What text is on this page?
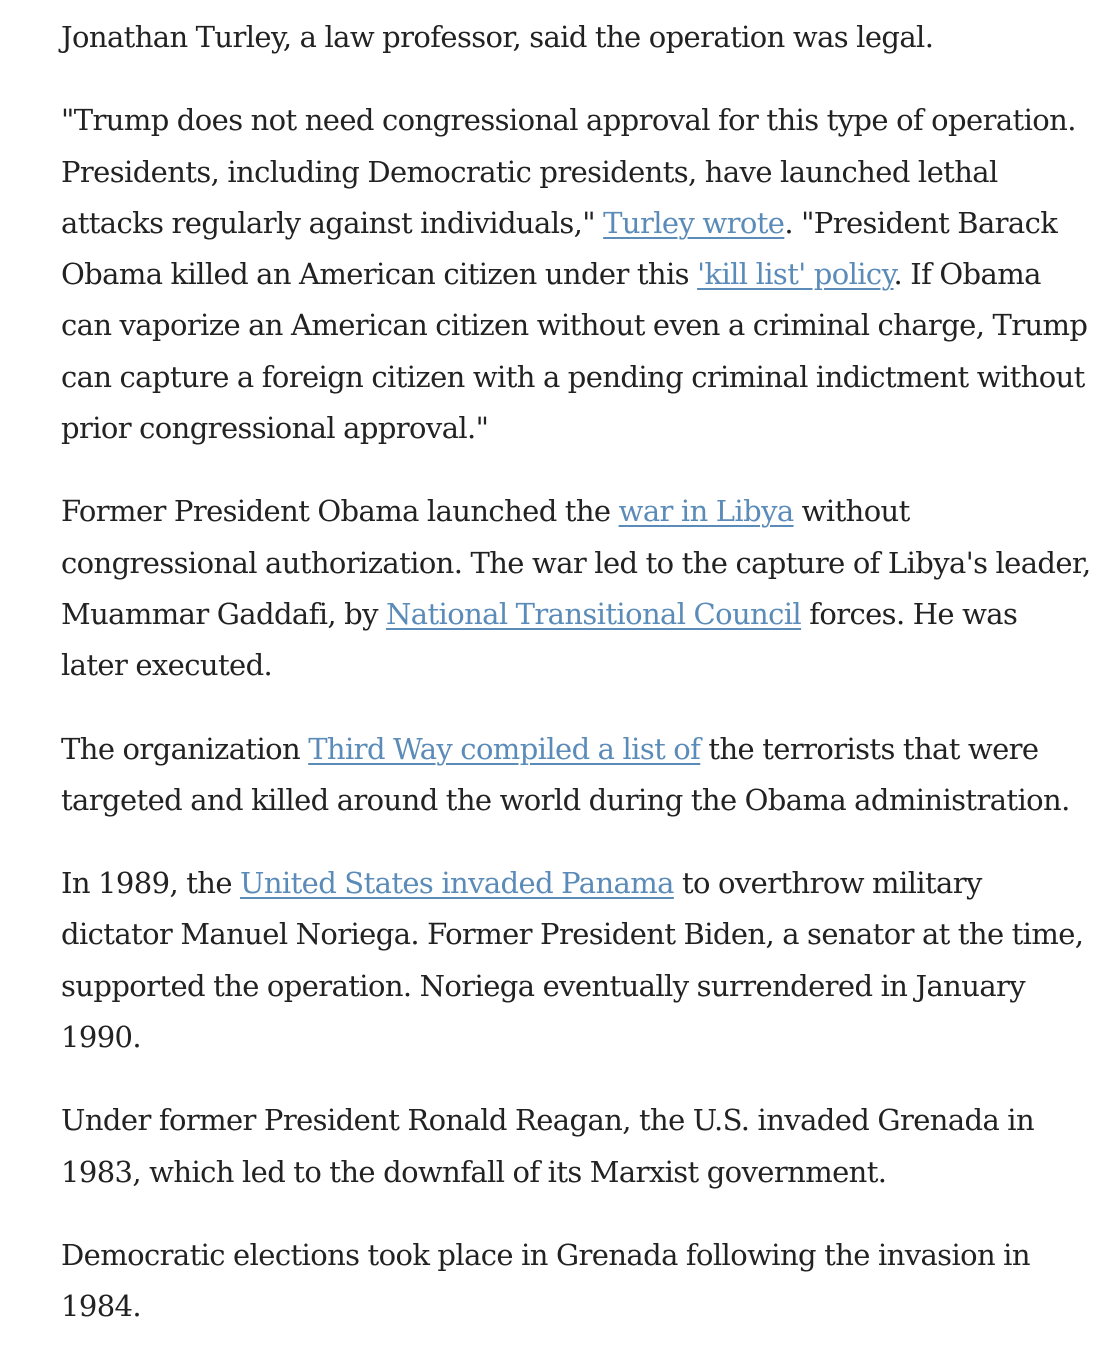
Jonathan Turley, a law professor, said the operation was legal.

"Trump does not need congressional approval for this type of operation. Presidents, including Democratic presidents, have launched lethal attacks regularly against individuals," Turley wrote. "President Barack Obama killed an American citizen under this 'kill list' policy. If Obama can vaporize an American citizen without even a criminal charge, Trump can capture a foreign citizen with a pending criminal indictment without prior congressional approval."

Former President Obama launched the war in Libya without congressional authorization. The war led to the capture of Libya's leader, Muammar Gaddafi, by National Transitional Council forces. He was later executed.

The organization Third Way compiled a list of the terrorists that were targeted and killed around the world during the Obama administration.

In 1989, the United States invaded Panama to overthrow military dictator Manuel Noriega. Former President Biden, a senator at the time, supported the operation. Noriega eventually surrendered in January 1990.

Under former President Ronald Reagan, the U.S. invaded Grenada in 1983, which led to the downfall of its Marxist government.

Democratic elections took place in Grenada following the invasion in 1984.
